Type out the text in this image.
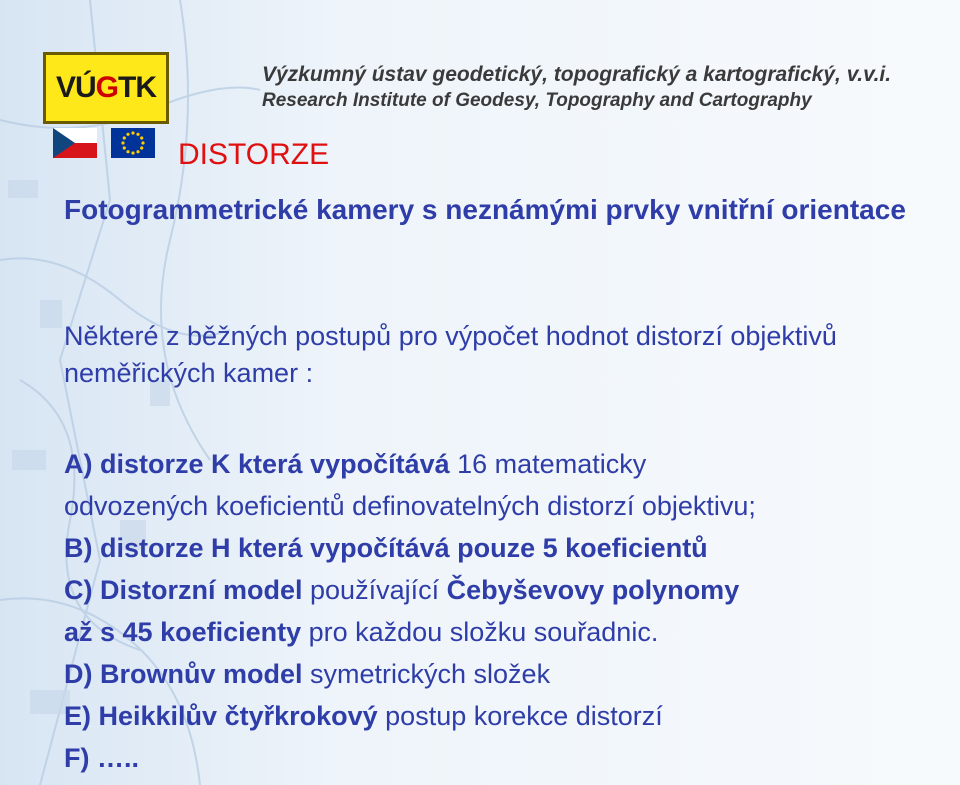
VÚGTK	Výzkumný ústav geodetický, topografický a kartografický, v.v.i.
Research Institute of Geodesy, Topography and Cartography
DISTORZE

Fotogrammetrické kamery s neznámými prvky vnitřní orientace

Některé z běžných postupů pro výpočet hodnot distorzí objektivů neměřických kamer :

A) distorze K která vypočítává 16 matematicky
odvozených koeficientů definovatelných distorzí objektivu;
B) distorze H která vypočítává pouze 5 koeficientů
C) Distorzní model používající Čebyševovy polynomy
až s 45 koeficienty pro každou složku souřadnic.
D) Brownův model symetrických složek
E) Heikkilův čtyřkrokový postup korekce distorzí
F) …..
